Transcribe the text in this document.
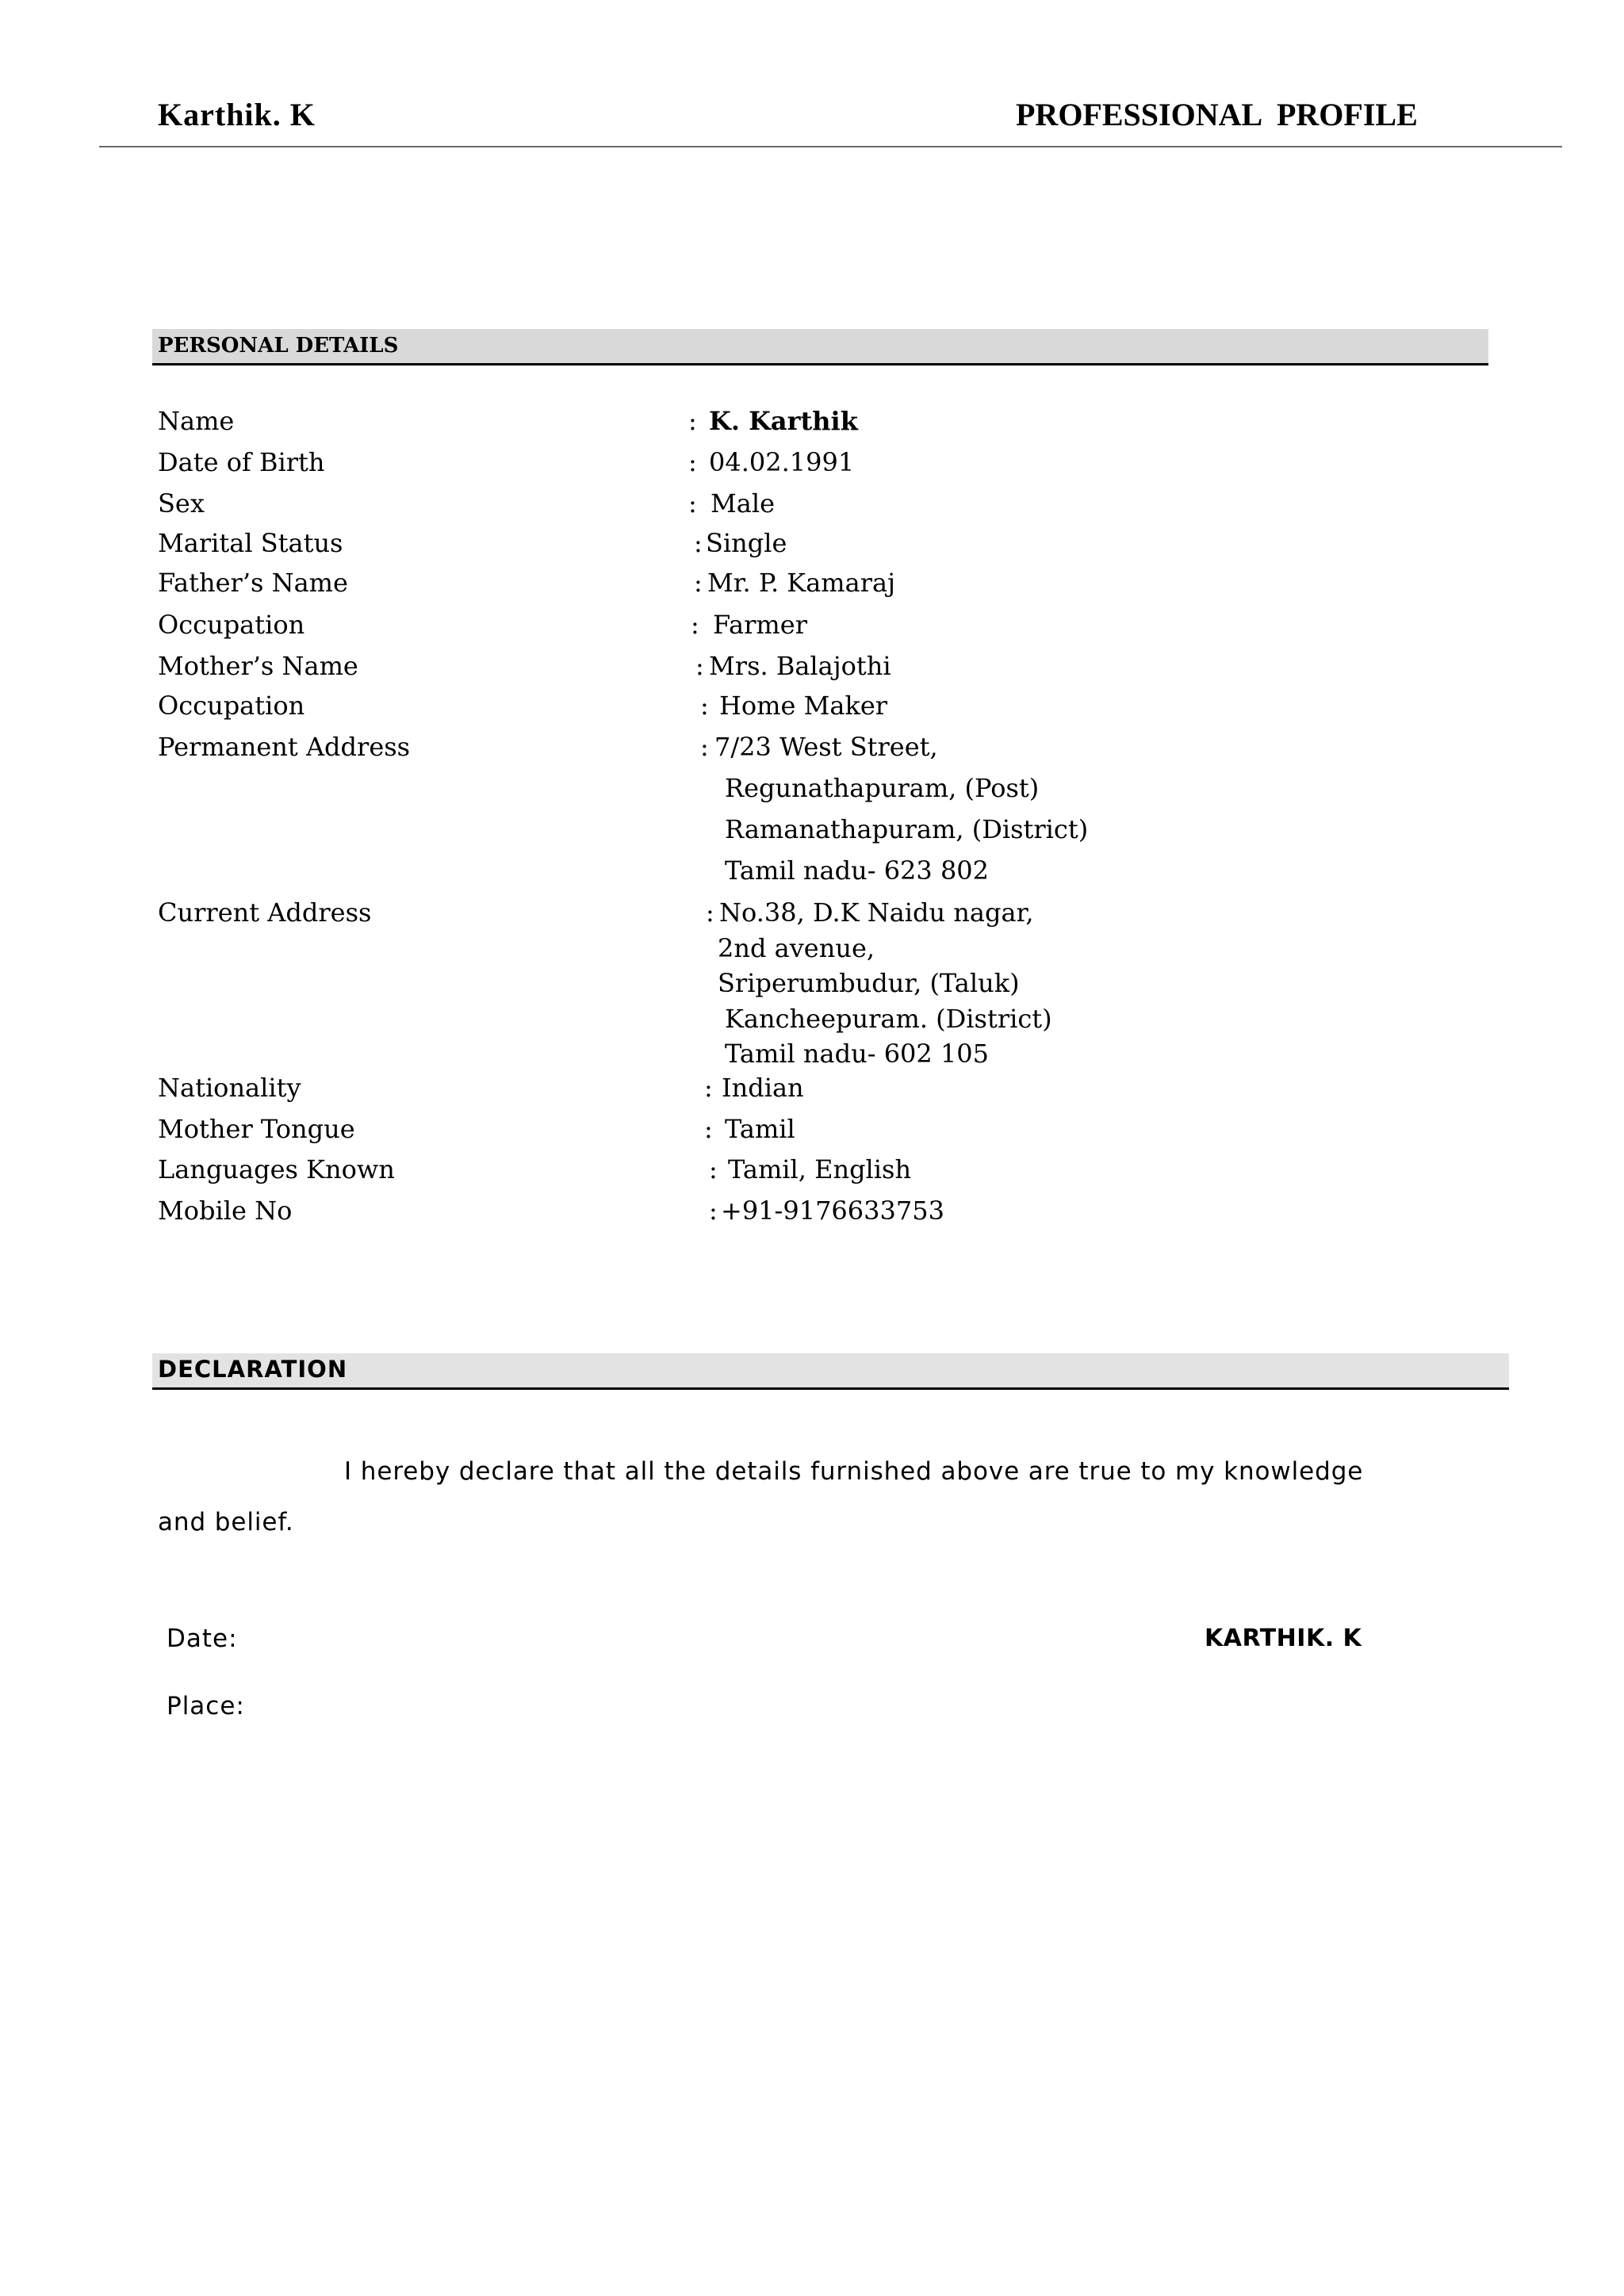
Karthik. K	PROFESSIONAL PROFILE
PERSONAL DETAILS
Name	: K. Karthik
Date of Birth	: 04.02.1991
Sex	: Male
Marital Status	: Single
Father’s Name	: Mr. P. Kamaraj
Occupation	: Farmer
Mother’s Name	: Mrs. Balajothi
Occupation	: Home Maker
Permanent Address	: 7/23 West Street,
Regunathapuram, (Post)
Ramanathapuram, (District)
Tamil nadu- 623 802
Current Address	: No.38, D.K Naidu nagar,
2nd avenue,
Sriperumbudur, (Taluk)
Kancheepuram. (District)
Tamil nadu- 602 105
Nationality	: Indian
Mother Tongue	: Tamil
Languages Known	: Tamil, English
Mobile No	: +91-9176633753
DECLARATION
I hereby declare that all the details furnished above are true to my knowledge
and belief.
Date:	KARTHIK. K
Place:
